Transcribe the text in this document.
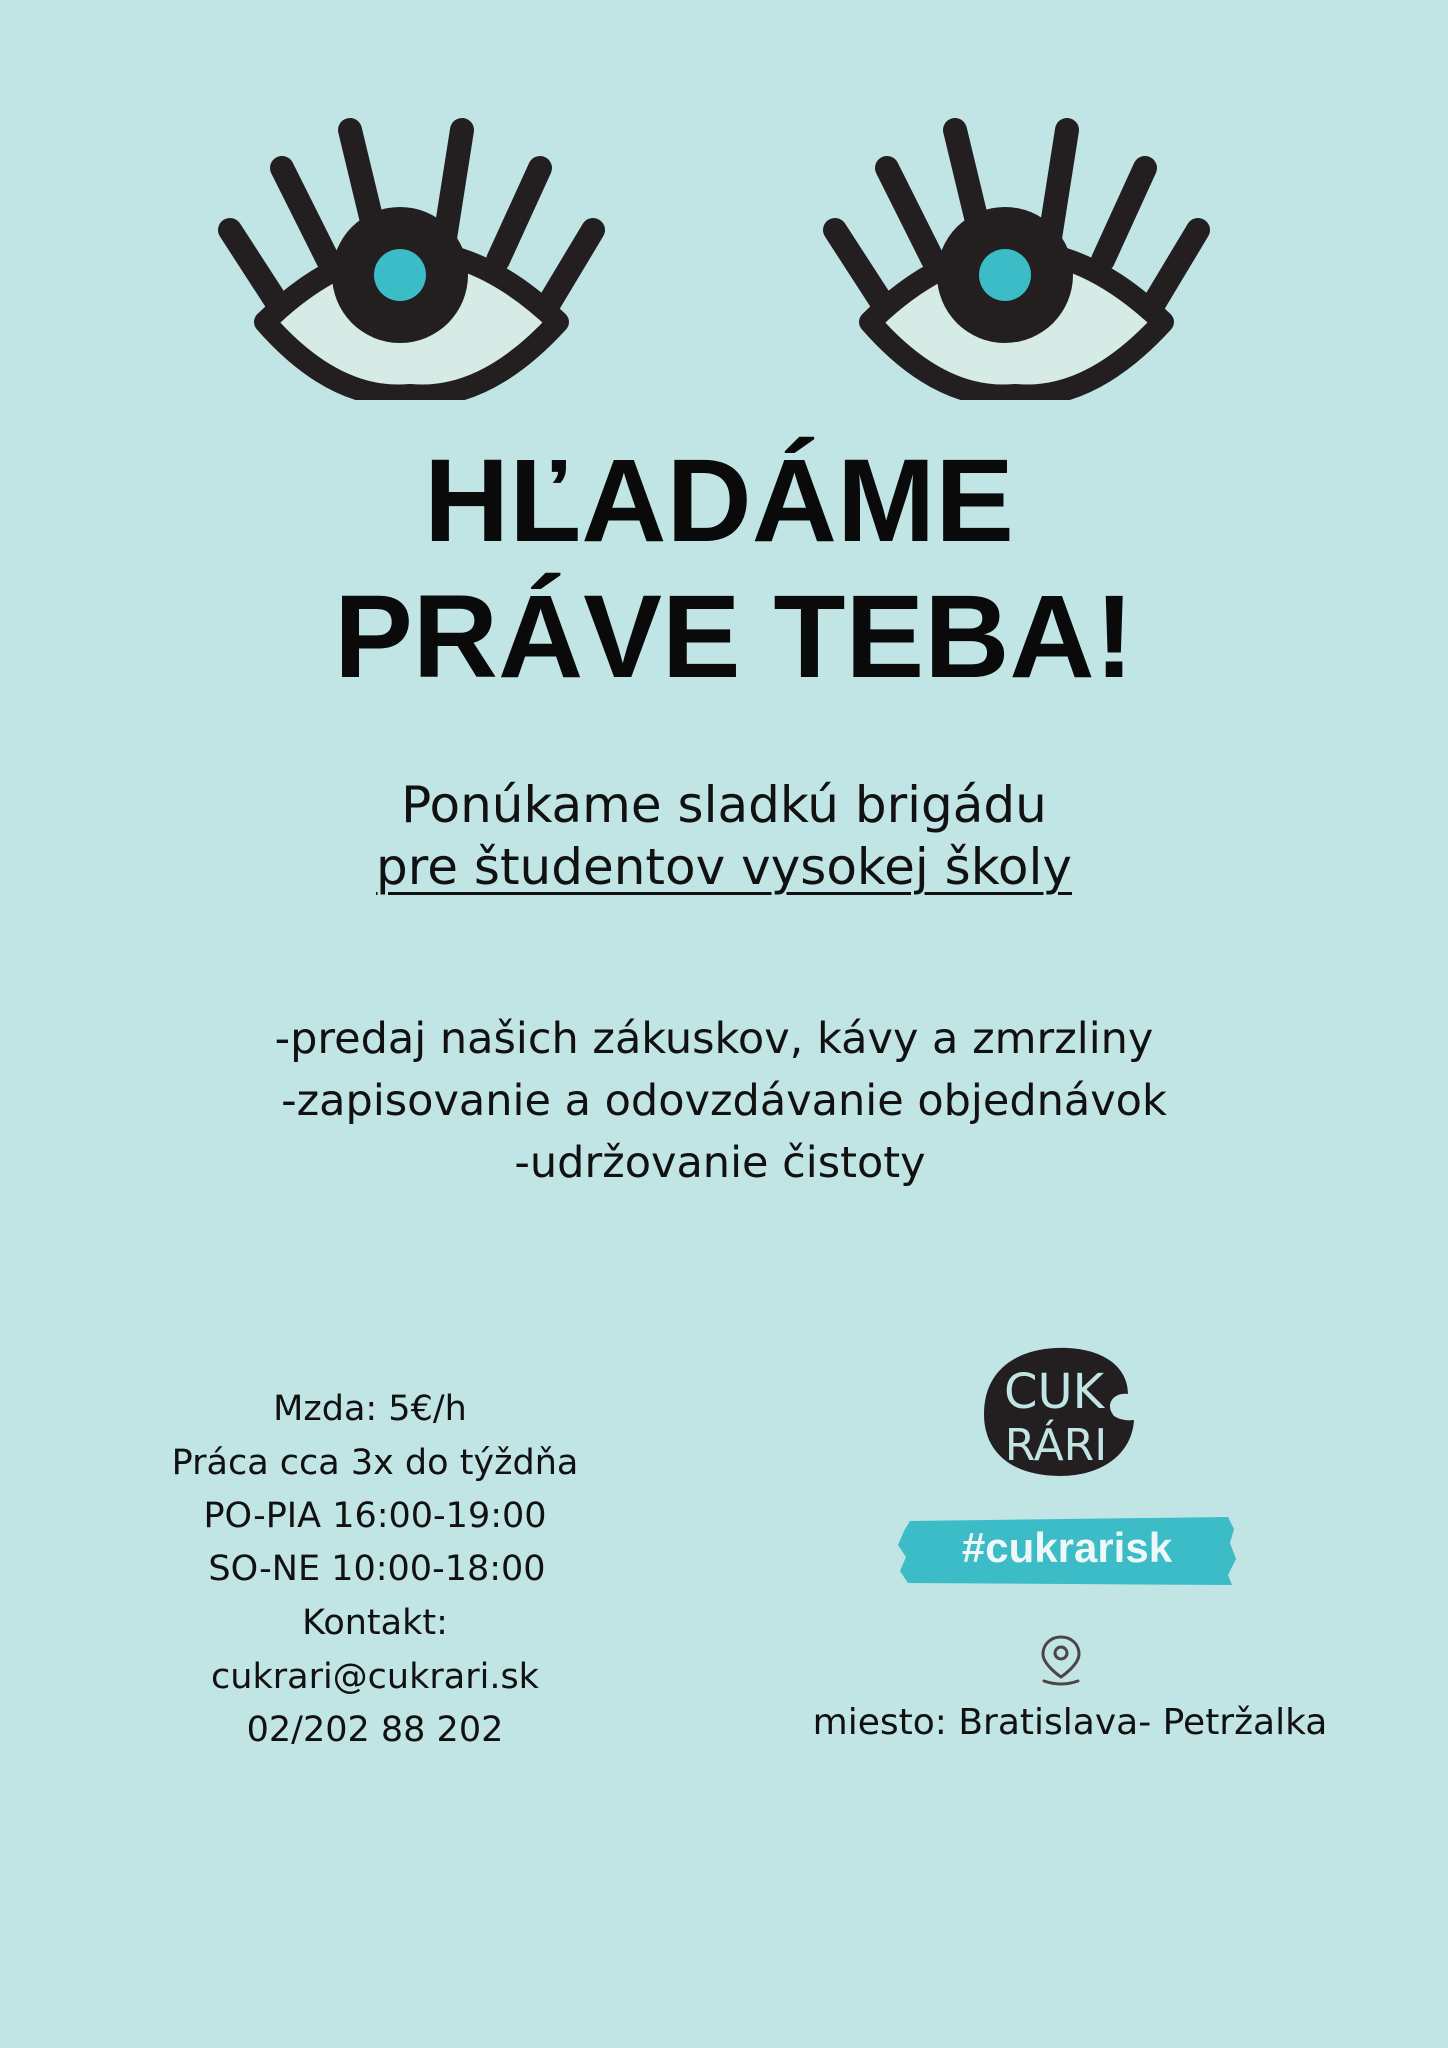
HĽADÁME
PRÁVE TEBA!
Ponúkame sladkú brigádu
pre študentov vysokej školy
-predaj našich zákuskov, kávy a zmrzliny
-zapisovanie a odovzdávanie objednávok
-udržovanie čistoty
Mzda: 5€/h
Práca cca 3x do týždňa
PO-PIA 16:00-19:00
SO-NE 10:00-18:00
Kontakt:
cukrari@cukrari.sk
02/202 88 202
CUK
RÁRI
#cukrarisk
miesto: Bratislava- Petržalka
